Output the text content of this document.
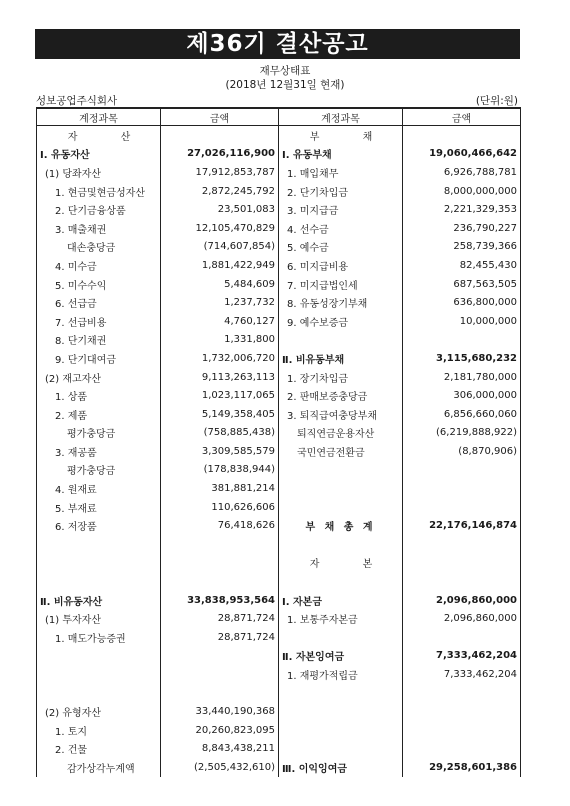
제36기 결산공고
재무상태표
(2018년 12월31일 현재)
성보공업주식회사	(단위:원)
계정과목	금액	계정과목	금액
자 산		부 채	
Ⅰ. 유동자산	27,026,116,900	Ⅰ. 유동부채	19,060,466,642
(1) 당좌자산	17,912,853,787	1. 매입채무	6,926,788,781
1. 현금및현금성자산	2,872,245,792	2. 단기차입금	8,000,000,000
2. 단기금융상품	23,501,083	3. 미지급금	2,221,329,353
3. 매출채권	12,105,470,829	4. 선수금	236,790,227
대손충당금	(714,607,854)	5. 예수금	258,739,366
4. 미수금	1,881,422,949	6. 미지급비용	82,455,430
5. 미수수익	5,484,609	7. 미지급법인세	687,563,505
6. 선급금	1,237,732	8. 유동성장기부채	636,800,000
7. 선급비용	4,760,127	9. 예수보증금	10,000,000
8. 단기채권	1,331,800		
9. 단기대여금	1,732,006,720	Ⅱ. 비유동부채	3,115,680,232
(2) 재고자산	9,113,263,113	1. 장기차입금	2,181,780,000
1. 상품	1,023,117,065	2. 판매보증충당금	306,000,000
2. 제품	5,149,358,405	3. 퇴직급여충당부채	6,856,660,060
평가충당금	(758,885,438)	퇴직연금운용자산	(6,219,888,922)
3. 재공품	3,309,585,579	국민연금전환금	(8,870,906)
평가충당금	(178,838,944)		
4. 원재료	381,881,214		
5. 부재료	110,626,606		
6. 저장품	76,418,626	부 채 총 계	22,176,146,874

		자 본	

Ⅱ. 비유동자산	33,838,953,564	Ⅰ. 자본금	2,096,860,000
(1) 투자자산	28,871,724	1. 보통주자본금	2,096,860,000
1. 매도가능증권	28,871,724		
		Ⅱ. 자본잉여금	7,333,462,204
		1. 재평가적립금	7,333,462,204

(2) 유형자산	33,440,190,368		
1. 토지	20,260,823,095		
2. 건물	8,843,438,211		
감가상각누계액	(2,505,432,610)	Ⅲ. 이익잉여금	29,258,601,386
